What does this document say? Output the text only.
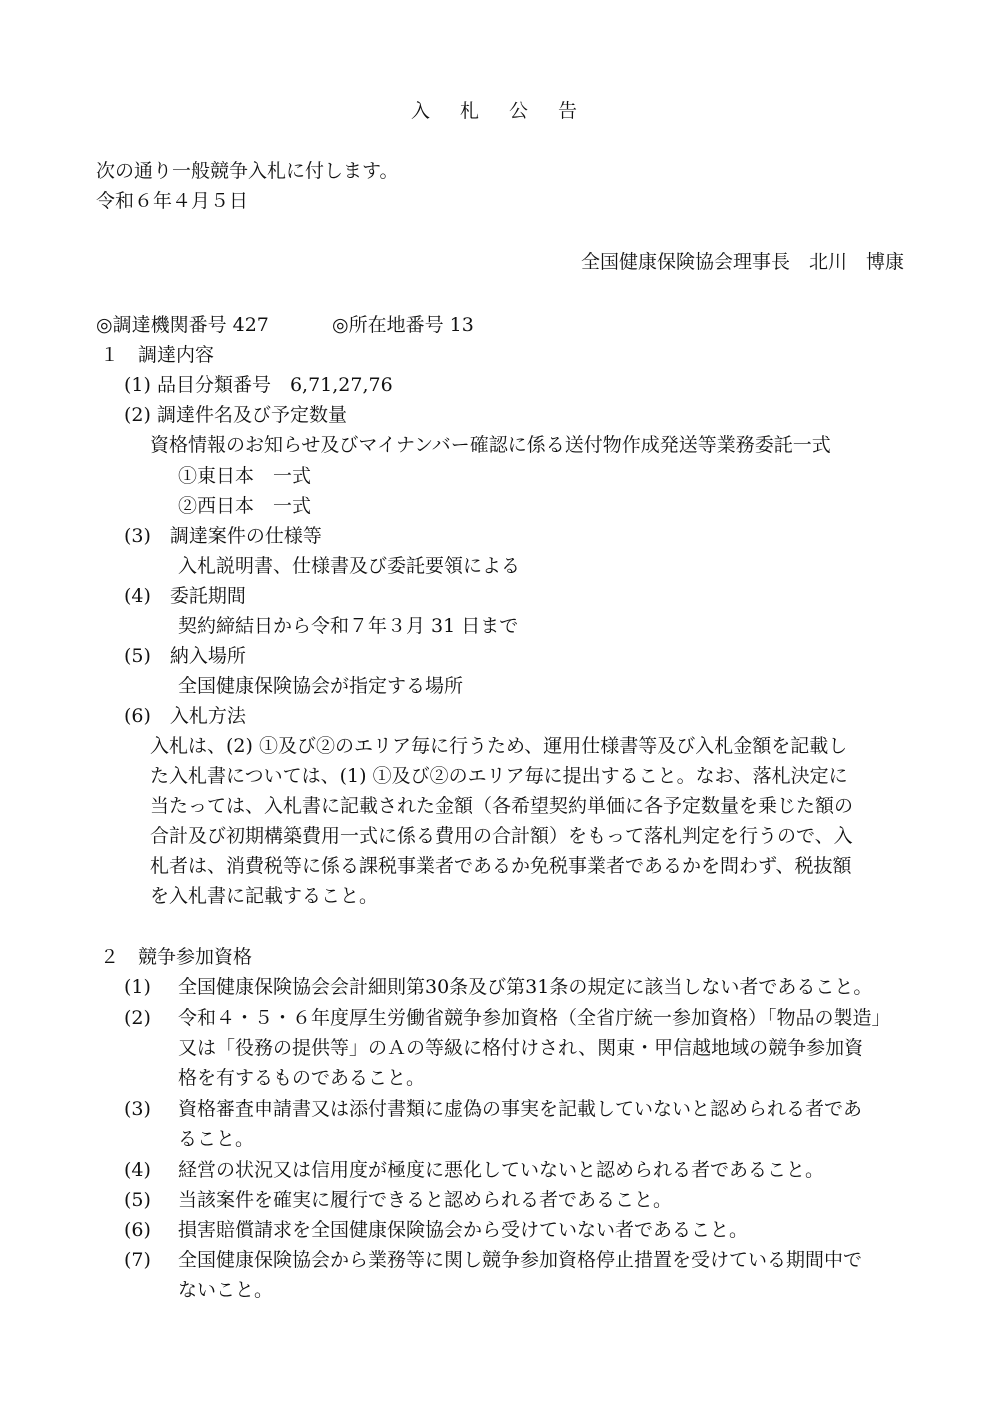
入 札 公 告
次の通り一般競争入札に付します。
令和６年４月５日
全国健康保険協会理事長　北川　博康
◎調達機関番号 427	◎所在地番号 13
１　調達内容
(1) 品目分類番号　6,71,27,76
(2) 調達件名及び予定数量
資格情報のお知らせ及びマイナンバー確認に係る送付物作成発送等業務委託一式
①東日本　一式
②西日本　一式
(3)　調達案件の仕様等
入札説明書、仕様書及び委託要領による
(4)　委託期間
契約締結日から令和７年３月 31 日まで
(5)　納入場所
全国健康保険協会が指定する場所
(6)　入札方法
入札は、(2) ①及び②のエリア毎に行うため、運用仕様書等及び入札金額を記載し
た入札書については、(1) ①及び②のエリア毎に提出すること。なお、落札決定に
当たっては、入札書に記載された金額（各希望契約単価に各予定数量を乗じた額の
合計及び初期構築費用一式に係る費用の合計額）をもって落札判定を行うので、入
札者は、消費税等に係る課税事業者であるか免税事業者であるかを問わず、税抜額
を入札書に記載すること。
２　競争参加資格
(1) 全国健康保険協会会計細則第30条及び第31条の規定に該当しない者であること。
(2) 令和４・５・６年度厚生労働省競争参加資格（全省庁統一参加資格）「物品の製造」
又は「役務の提供等」のＡの等級に格付けされ、関東・甲信越地域の競争参加資
格を有するものであること。
(3) 資格審査申請書又は添付書類に虚偽の事実を記載していないと認められる者であ
ること。
(4) 経営の状況又は信用度が極度に悪化していないと認められる者であること。
(5) 当該案件を確実に履行できると認められる者であること。
(6) 損害賠償請求を全国健康保険協会から受けていない者であること。
(7) 全国健康保険協会から業務等に関し競争参加資格停止措置を受けている期間中で
ないこと。
